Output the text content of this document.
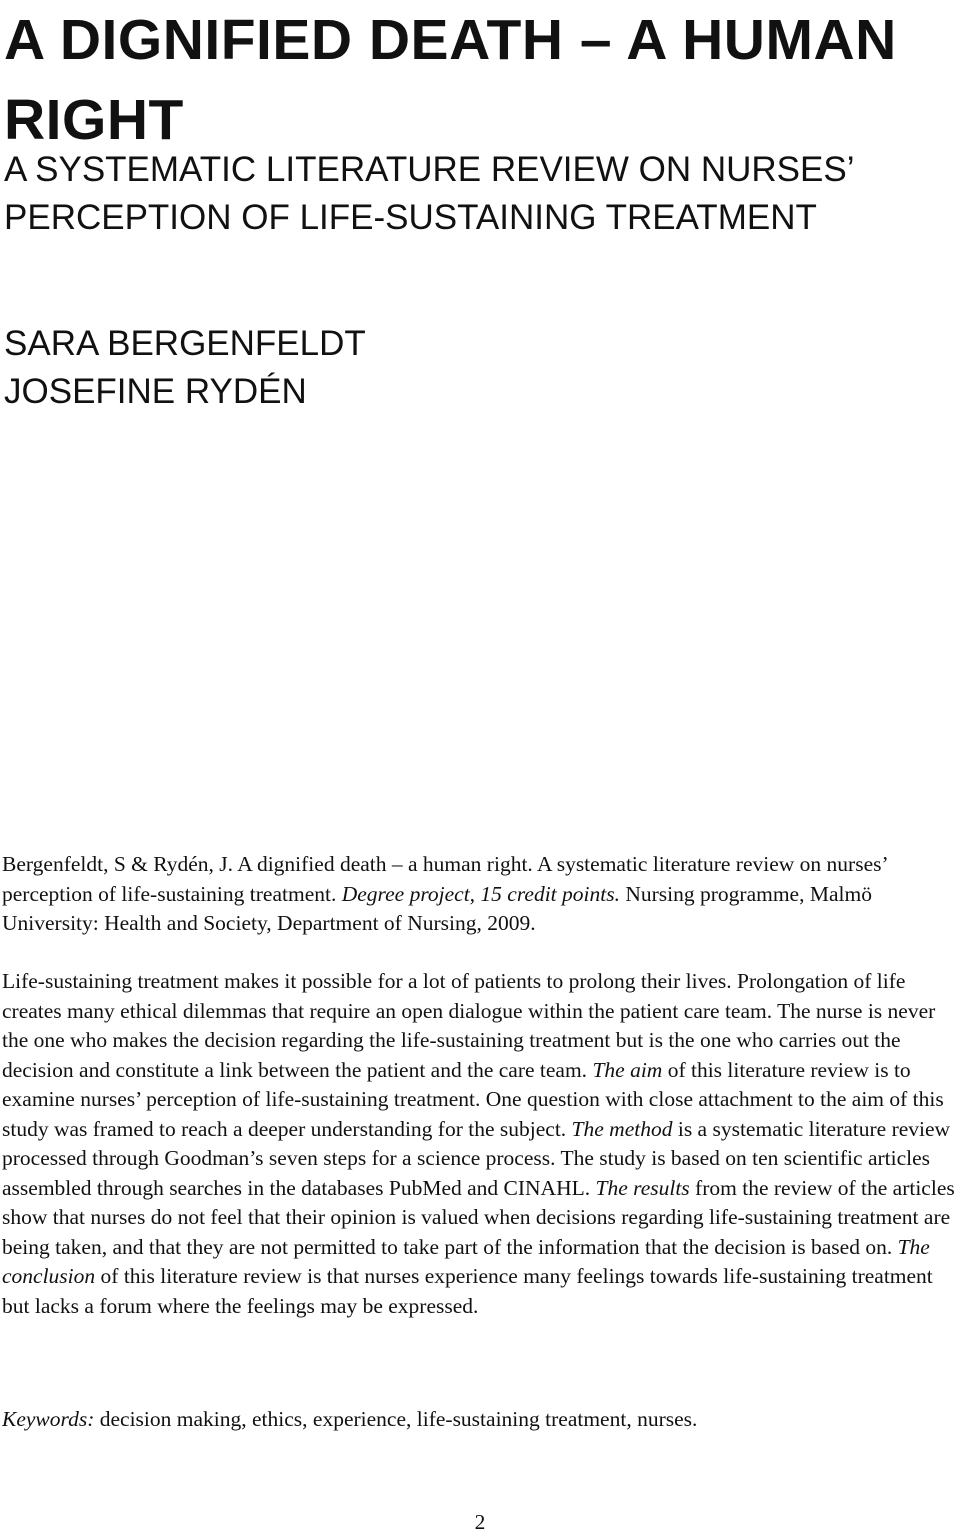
A DIGNIFIED DEATH – A HUMAN RIGHT
A SYSTEMATIC LITERATURE REVIEW ON NURSES’ PERCEPTION OF LIFE-SUSTAINING TREATMENT
SARA BERGENFELDT
JOSEFINE RYDÉN

Bergenfeldt, S & Rydén, J. A dignified death – a human right. A systematic literature review on nurses’ perception of life-sustaining treatment. Degree project, 15 credit points. Nursing programme, Malmö University: Health and Society, Department of Nursing, 2009.

Life-sustaining treatment makes it possible for a lot of patients to prolong their lives. Prolongation of life creates many ethical dilemmas that require an open dialogue within the patient care team. The nurse is never the one who makes the decision regarding the life-sustaining treatment but is the one who carries out the decision and constitute a link between the patient and the care team. The aim of this literature review is to examine nurses’ perception of life-sustaining treatment. One question with close attachment to the aim of this study was framed to reach a deeper understanding for the subject. The method is a systematic literature review processed through Goodman’s seven steps for a science process. The study is based on ten scientific articles assembled through searches in the databases PubMed and CINAHL. The results from the review of the articles show that nurses do not feel that their opinion is valued when decisions regarding life-sustaining treatment are being taken, and that they are not permitted to take part of the information that the decision is based on. The conclusion of this literature review is that nurses experience many feelings towards life-sustaining treatment but lacks a forum where the feelings may be expressed.

Keywords: decision making, ethics, experience, life-sustaining treatment, nurses.

2
